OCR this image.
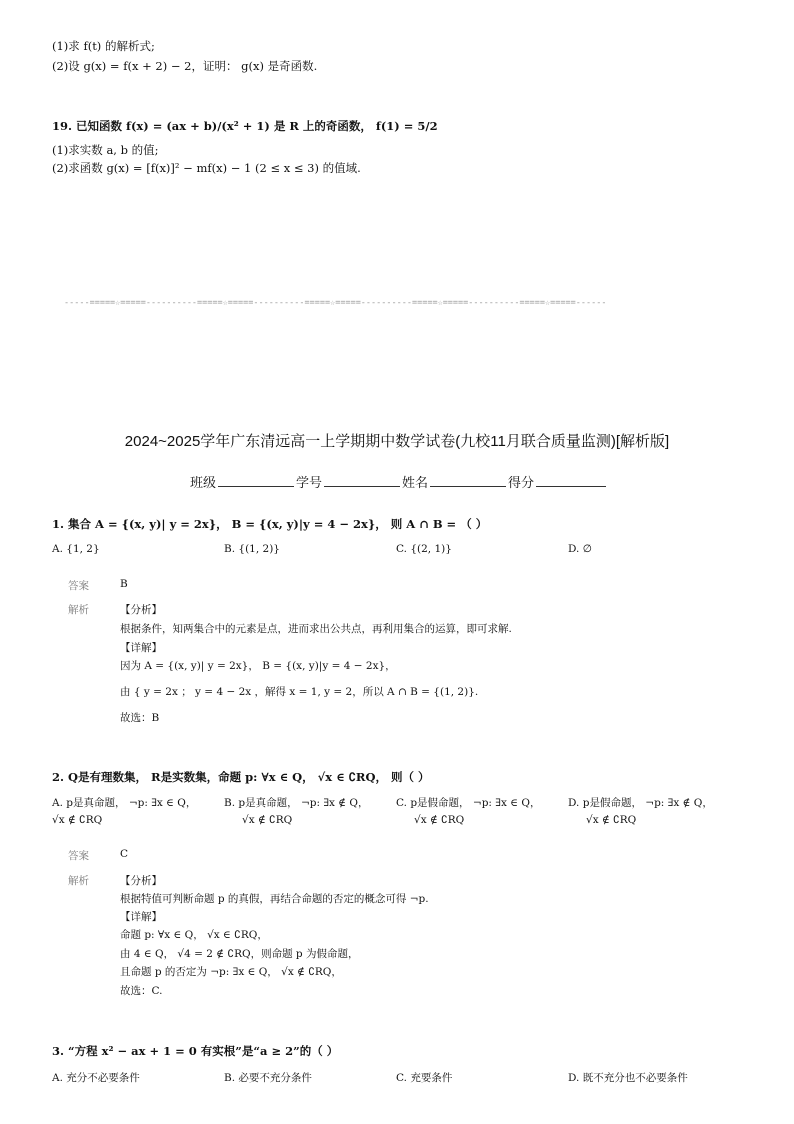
(1)求 f(t) 的解析式;
(2)设 g(x) = f(x + 2) − 2，证明： g(x) 是奇函数.
19. 已知函数 f(x) = (ax + b)/(x² + 1) 是 R 上的奇函数， f(1) = 5/2
(1)求实数 a, b 的值;
(2)求函数 g(x) = [f(x)]² − mf(x) − 1 (2 ≤ x ≤ 3) 的值域.
-----=====☆=====----------=====☆=====----------=====☆=====----------=====☆=====----------=====☆=====------
2024~2025学年广东清远高一上学期期中数学试卷(九校11月联合质量监测)[解析版]
班级	学号	姓名	得分
1. 集合 A = {(x, y)| y = 2x}， B = {(x, y)|y = 4 − 2x}， 则 A ∩ B = （ ）
A. {1, 2}	B. {(1, 2)}	C. {(2, 1)}	D. ∅
答案	B
解析	【分析】
根据条件，知两集合中的元素是点，进而求出公共点，再利用集合的运算，即可求解.
【详解】
因为 A = {(x, y)| y = 2x}， B = {(x, y)|y = 4 − 2x}，
由 { y = 2x ； y = 4 − 2x ，解得 x = 1, y = 2，所以 A ∩ B = {(1, 2)}.
故选：B
2. Q是有理数集， R是实数集，命题 p: ∀x ∈ Q， √x ∈ ∁RQ， 则（ ）
A. p是真命题， ¬p: ∃x ∈ Q，
√x ∉ ∁RQ
B. p是真命题， ¬p: ∃x ∉ Q，
√x ∉ ∁RQ
C. p是假命题， ¬p: ∃x ∈ Q，
√x ∉ ∁RQ
D. p是假命题， ¬p: ∃x ∉ Q，
√x ∉ ∁RQ
答案	C
解析	【分析】
根据特值可判断命题 p 的真假，再结合命题的否定的概念可得 ¬p.
【详解】
命题 p: ∀x ∈ Q， √x ∈ ∁RQ，
由 4 ∈ Q， √4 = 2 ∉ ∁RQ，则命题 p 为假命题，
且命题 p 的否定为 ¬p: ∃x ∈ Q， √x ∉ ∁RQ，
故选：C.
3. “方程 x² − ax + 1 = 0 有实根”是“a ≥ 2”的（ ）
A. 充分不必要条件	B. 必要不充分条件	C. 充要条件	D. 既不充分也不必要条件
